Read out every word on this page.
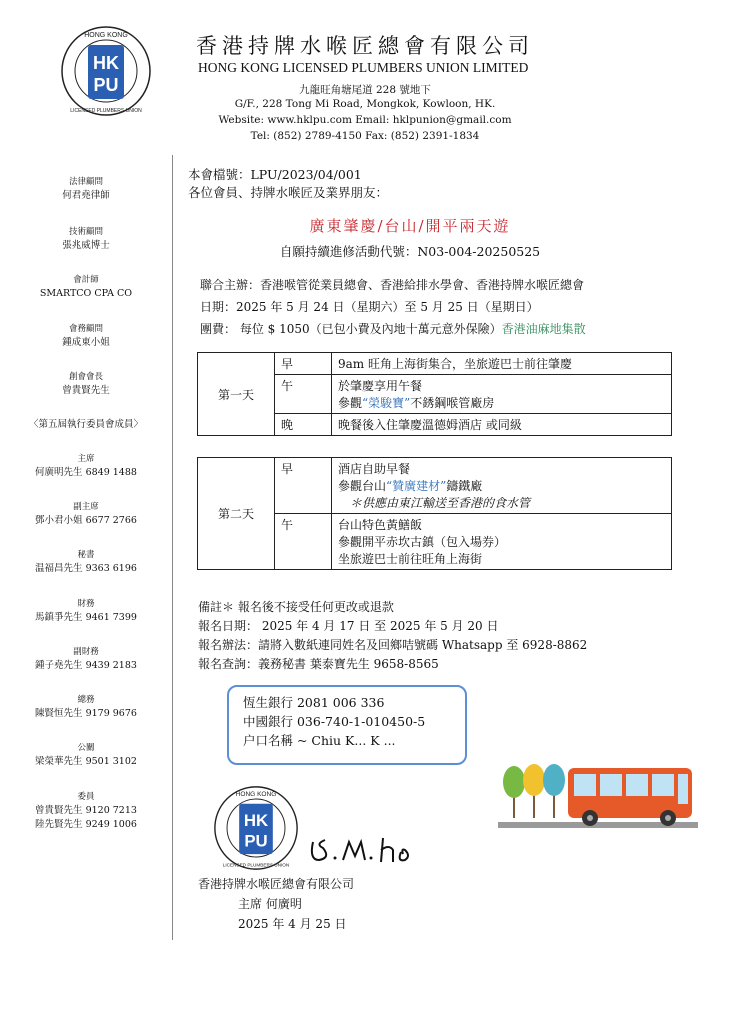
HK
PU
HONG KONG
LICENSED PLUMBERS UNION
香港持牌水喉匠總會有限公司
HONG KONG LICENSED PLUMBERS UNION LIMITED
九龍旺角塘尾道 228 號地下
G/F., 228 Tong Mi Road, Mongkok, Kowloon, HK.
Website: www.hklpu.com Email: hklpunion@gmail.com
Tel: (852) 2789-4150 Fax: (852) 2391-1834
法律顧問
何君堯律師
技術顧問
張兆威博士
會計師
SMARTCO CPA CO
會務顧問
鍾成東小姐
創會會長
曾貴賢先生
〈第五屆執行委員會成員〉
主席
何廣明先生 6849 1488
副主席
鄧小君小姐 6677 2766
秘書
温福昌先生 9363 6196
財務
馬鎮爭先生 9461 7399
副財務
鍾子堯先生 9439 2183
總務
陳賢恒先生 9179 9676
公關
梁榮華先生 9501 3102
委員
曾貴賢先生 9120 7213
陸先賢先生 9249 1006
本會檔號：LPU/2023/04/001
各位會員、持牌水喉匠及業界朋友：
廣東肇慶/台山/開平兩天遊
自願持續進修活動代號：N03-004-20250525
聯合主辦：香港喉管從業員總會、香港給排水學會、香港持牌水喉匠總會
日期：2025 年 5 月 24 日（星期六）至 5 月 25 日（星期日）
團費： 每位 $ 1050（已包小費及內地十萬元意外保險）香港油麻地集散
第一天	早	9am 旺角上海街集合，坐旅遊巴士前往肇慶
	午	於肇慶享用午餐
參觀“榮駿寶”不銹鋼喉管廠房

	晚	晚餐後入住肇慶溫德姆酒店 或同級
第二天	早	酒店自助早餐
參觀台山“贊廣建材”鑄鐵廠
＊供應由東江輸送至香港的食水管

	午	台山特色黃鱔飯
參觀開平赤坎古鎮（包入場券）
坐旅遊巴士前往旺角上海街
備註＊ 報名後不接受任何更改或退款
報名日期： 2025 年 4 月 17 日 至 2025 年 5 月 20 日
報名辦法：請將入數紙連同姓名及回鄉咭號碼 Whatsapp 至 6928-8862
報名查詢：義務秘書 葉泰寶先生 9658-8565
恆生銀行 2081 006 336
中國銀行 036-740-1-010450-5
户口名稱 ~ Chiu K... K ...
HK
PU
HONG KONG
LICENSED PLUMBERS UNION
香港持牌水喉匠總會有限公司
主席 何廣明
2025 年 4 月 25 日
